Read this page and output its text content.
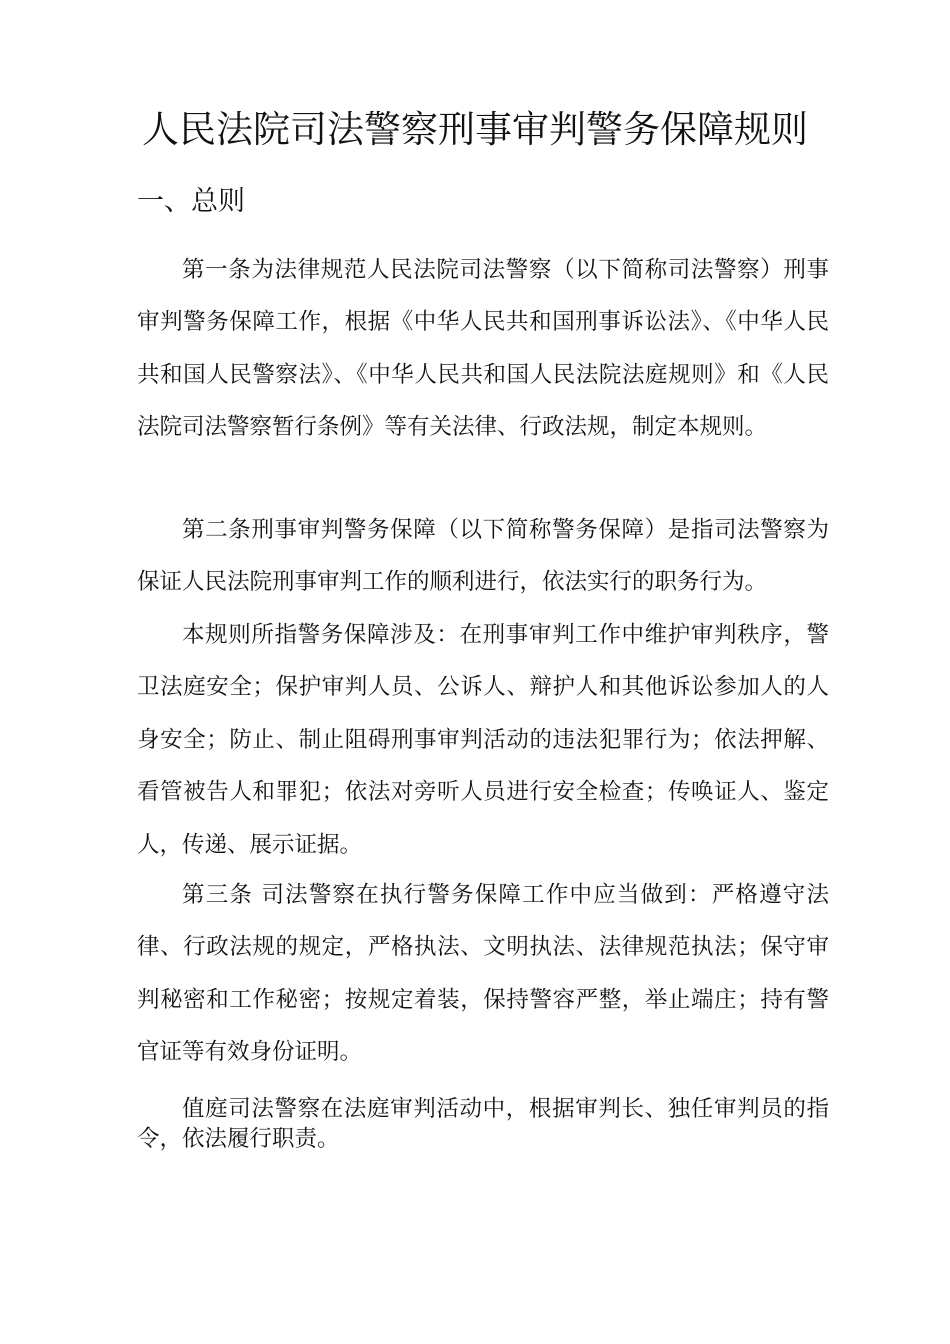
人民法院司法警察刑事审判警务保障规则
一、总则

第一条为法律规范人民法院司法警察（以下简称司法警察）刑事审判警务保障工作，根据《中华人民共和国刑事诉讼法》、《中华人民共和国人民警察法》、《中华人民共和国人民法院法庭规则》和《人民法院司法警察暂行条例》等有关法律、行政法规，制定本规则。

第二条刑事审判警务保障（以下简称警务保障）是指司法警察为保证人民法院刑事审判工作的顺利进行，依法实行的职务行为。

本规则所指警务保障涉及：在刑事审判工作中维护审判秩序，警卫法庭安全；保护审判人员、公诉人、辩护人和其他诉讼参加人的人身安全；防止、制止阻碍刑事审判活动的违法犯罪行为；依法押解、看管被告人和罪犯；依法对旁听人员进行安全检查；传唤证人、鉴定人，传递、展示证据。

第三条 司法警察在执行警务保障工作中应当做到：严格遵守法律、行政法规的规定，严格执法、文明执法、法律规范执法；保守审判秘密和工作秘密；按规定着装，保持警容严整，举止端庄；持有警官证等有效身份证明。

值庭司法警察在法庭审判活动中，根据审判长、独任审判员的指令，依法履行职责。
